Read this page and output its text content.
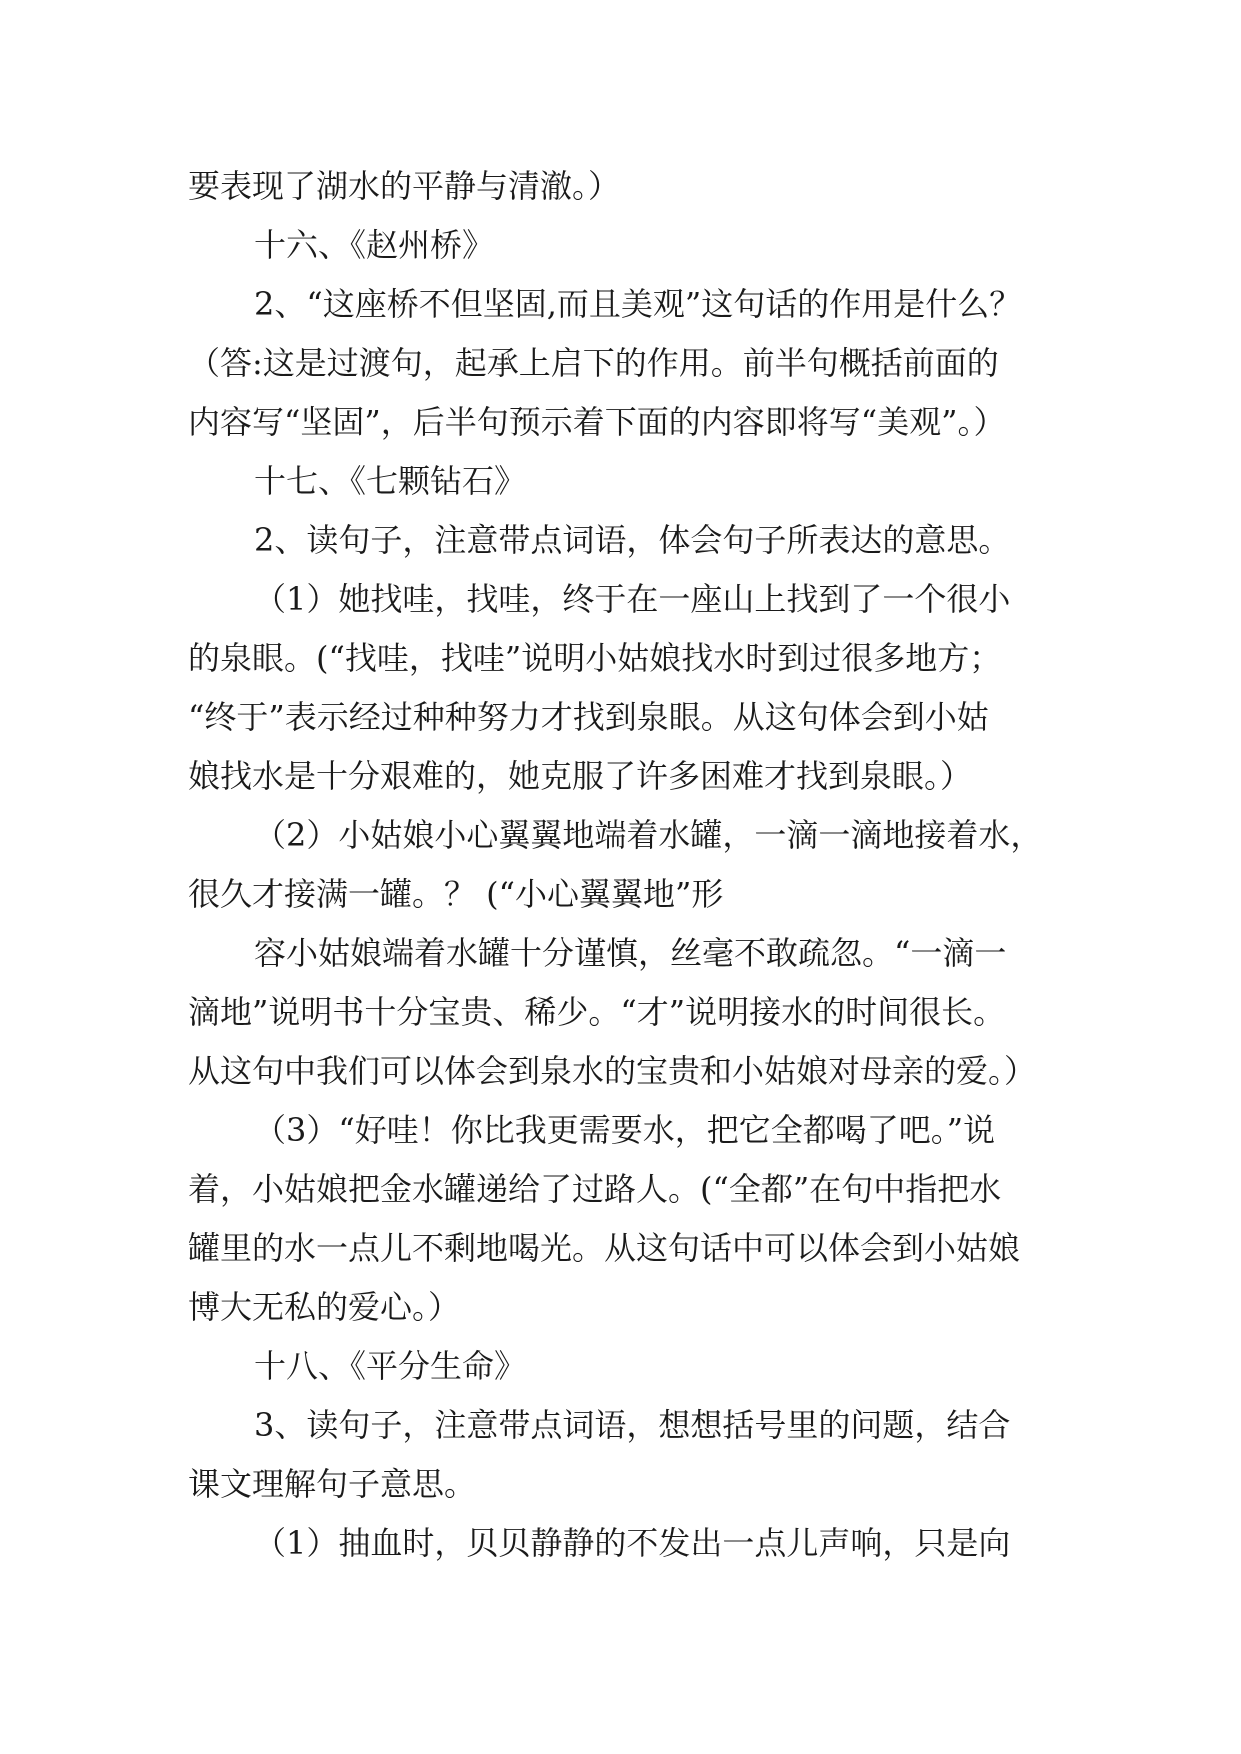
要表现了湖水的平静与清澈。）
十六、《赵州桥》
2、“这座桥不但坚固,而且美观”这句话的作用是什么？
（答:这是过渡句，起承上启下的作用。前半句概括前面的
内容写“坚固”，后半句预示着下面的内容即将写“美观”。）
十七、《七颗钻石》
2、读句子，注意带点词语，体会句子所表达的意思。
（1）她找哇，找哇，终于在一座山上找到了一个很小
的泉眼。(“找哇，找哇”说明小姑娘找水时到过很多地方；
“终于”表示经过种种努力才找到泉眼。从这句体会到小姑
娘找水是十分艰难的，她克服了许多困难才找到泉眼。）
（2）小姑娘小心翼翼地端着水罐，一滴一滴地接着水，
很久才接满一罐。？ (“小心翼翼地”形
容小姑娘端着水罐十分谨慎，丝毫不敢疏忽。“一滴一
滴地”说明书十分宝贵、稀少。“才”说明接水的时间很长。
从这句中我们可以体会到泉水的宝贵和小姑娘对母亲的爱。）
（3）“好哇！你比我更需要水，把它全都喝了吧。”说
着，小姑娘把金水罐递给了过路人。(“全都”在句中指把水
罐里的水一点儿不剩地喝光。从这句话中可以体会到小姑娘
博大无私的爱心。）
十八、《平分生命》
3、读句子，注意带点词语，想想括号里的问题，结合
课文理解句子意思。
（1）抽血时，贝贝静静的不发出一点儿声响，只是向
